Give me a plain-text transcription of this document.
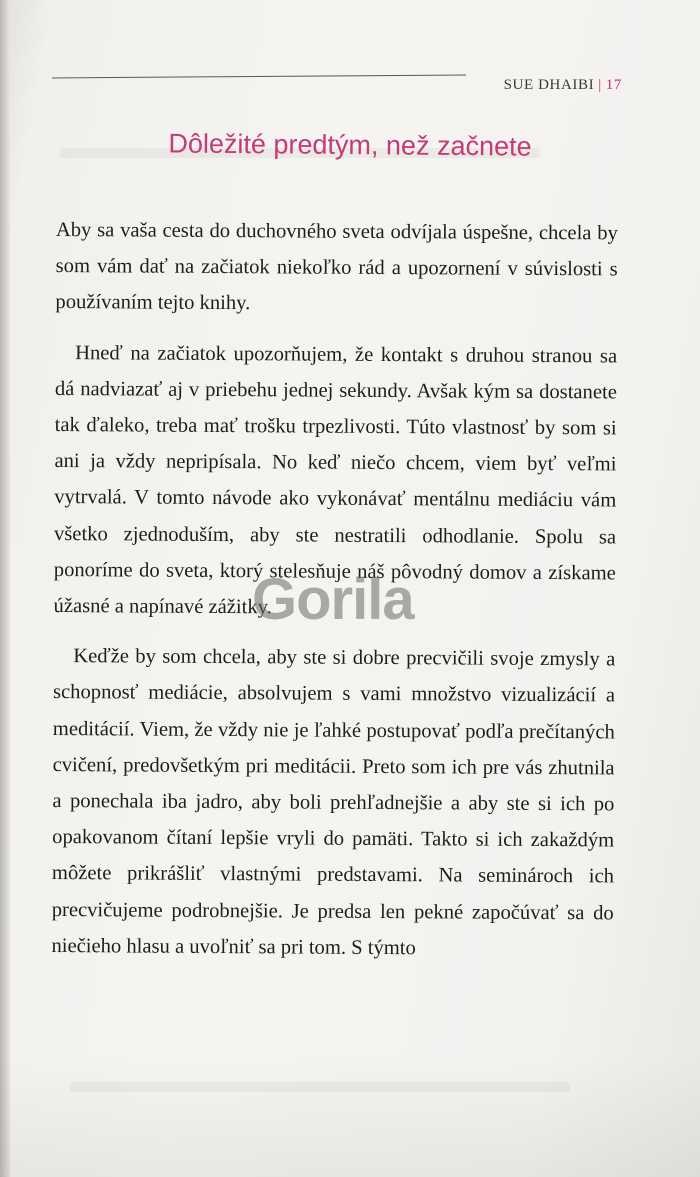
SUE DHAIBI | 17
Dôležité predtým, než začnete

Aby sa vaša cesta do duchovného sveta odvíjala úspešne, chcela by som vám dať na začiatok niekoľko rád a upozornení v súvislosti s používaním tejto knihy.

Hneď na začiatok upozorňujem, že kontakt s druhou stranou sa dá nadviazať aj v priebehu jednej sekundy. Avšak kým sa dostanete tak ďaleko, treba mať trošku trpezlivosti. Túto vlastnosť by som si ani ja vždy nepripísala. No keď niečo chcem, viem byť veľmi vytrvalá. V tomto návode ako vykonávať mentálnu mediáciu vám všetko zjednoduším, aby ste nestratili odhodlanie. Spolu sa ponoríme do sveta, ktorý stelesňuje náš pôvodný domov a získame úžasné a napínavé zážitky.

Keďže by som chcela, aby ste si dobre precvičili svoje zmysly a schopnosť mediácie, absolvujem s vami množstvo vizualizácií a meditácií. Viem, že vždy nie je ľahké postupovať podľa prečítaných cvičení, predovšetkým pri meditácii. Preto som ich pre vás zhutnila a ponechala iba jadro, aby boli prehľadnejšie a aby ste si ich po opakovanom čítaní lepšie vryli do pamäti. Takto si ich zakaždým môžete prikrášliť vlastnými predstavami. Na seminároch ich precvičujeme podrobnejšie. Je predsa len pekné započúvať sa do niečieho hlasu a uvoľniť sa pri tom. S týmto

Gorila
